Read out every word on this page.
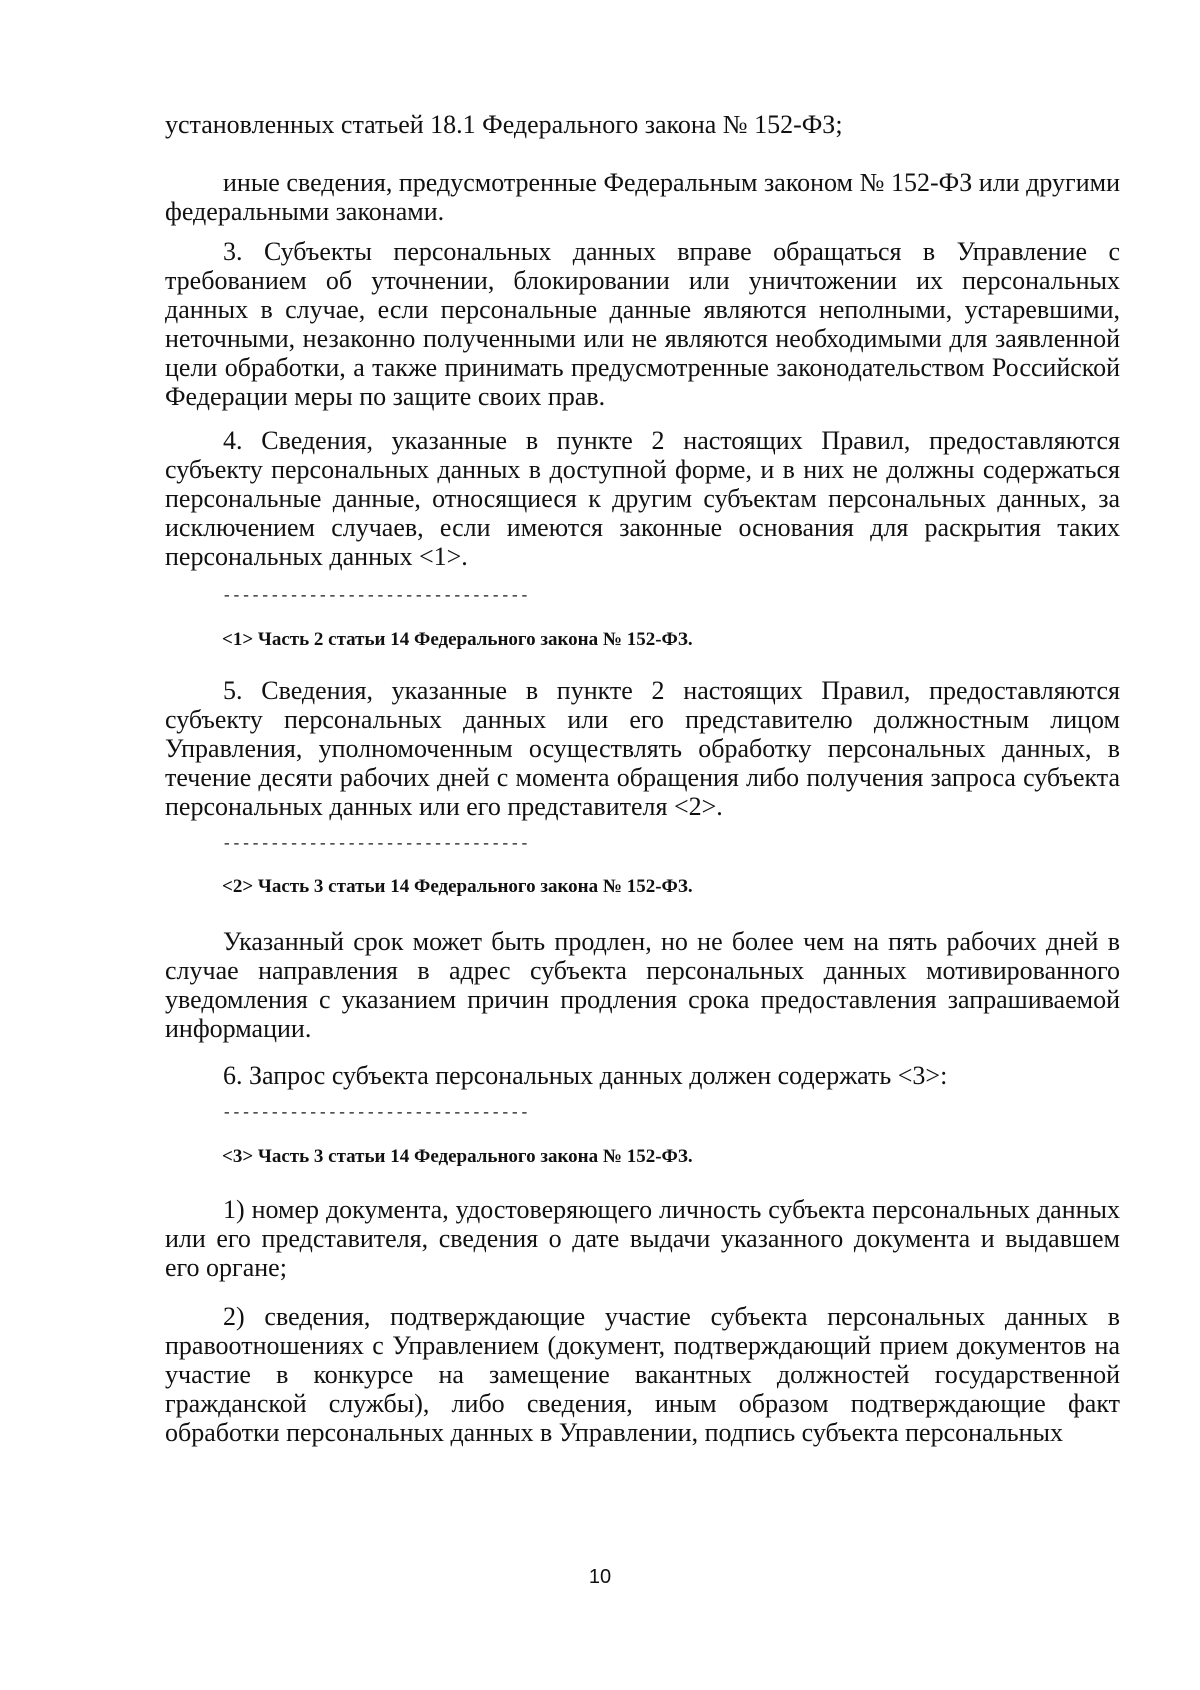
установленных статьей 18.1 Федерального закона № 152-ФЗ;

иные сведения, предусмотренные Федеральным законом № 152-ФЗ или другими федеральными законами.

3. Субъекты персональных данных вправе обращаться в Управление с требованием об уточнении, блокировании или уничтожении их персональных данных в случае, если персональные данные являются неполными, устаревшими, неточными, незаконно полученными или не являются необходимыми для заявленной цели обработки, а также принимать предусмотренные законодательством Российской Федерации меры по защите своих прав.

4. Сведения, указанные в пункте 2 настоящих Правил, предоставляются субъекту персональных данных в доступной форме, и в них не должны содержаться персональные данные, относящиеся к другим субъектам персональных данных, за исключением случаев, если имеются законные основания для раскрытия таких персональных данных <1>.

--------------------------------
<1> Часть 2 статьи 14 Федерального закона № 152-ФЗ.

5. Сведения, указанные в пункте 2 настоящих Правил, предоставляются субъекту персональных данных или его представителю должностным лицом Управления, уполномоченным осуществлять обработку персональных данных, в течение десяти рабочих дней с момента обращения либо получения запроса субъекта персональных данных или его представителя <2>.

--------------------------------
<2> Часть 3 статьи 14 Федерального закона № 152-ФЗ.

Указанный срок может быть продлен, но не более чем на пять рабочих дней в случае направления в адрес субъекта персональных данных мотивированного уведомления с указанием причин продления срока предоставления запрашиваемой информации.

6. Запрос субъекта персональных данных должен содержать <3>:

--------------------------------
<3> Часть 3 статьи 14 Федерального закона № 152-ФЗ.

1) номер документа, удостоверяющего личность субъекта персональных данных или его представителя, сведения о дате выдачи указанного документа и выдавшем его органе;

2) сведения, подтверждающие участие субъекта персональных данных в правоотношениях с Управлением (документ, подтверждающий прием документов на участие в конкурсе на замещение вакантных должностей государственной гражданской службы), либо сведения, иным образом подтверждающие факт обработки персональных данных в Управлении, подпись субъекта персональных

10
